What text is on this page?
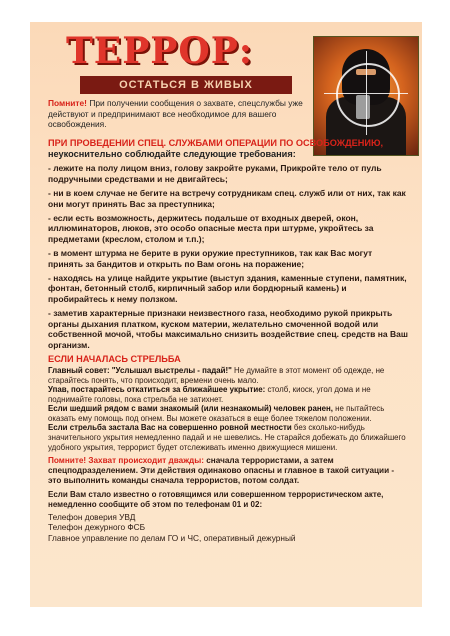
ТЕРРОР:
ОСТАТЬСЯ В ЖИВЫХ

Помните! При получении сообщения о захвате, спецслужбы уже действуют и предпринимают все необходимое для вашего освобождения.

ПРИ ПРОВЕДЕНИИ СПЕЦ. СЛУЖБАМИ ОПЕРАЦИИ ПО ОСВОБОЖДЕНИЮ,

неукоснительно соблюдайте следующие требования:

- лежите на полу лицом вниз, голову закройте руками, Прикройте тело от пуль подручными средствами и не двигайтесь;

- ни в коем случае не бегите на встречу сотрудникам спец. служб или от них, так как они могут принять Вас за преступника;

- если есть возможность, держитесь подальше от входных дверей, окон, иллюминаторов, люков, это особо опасные места при штурме, укройтесь за предметами (креслом, столом и т.п.);

- в момент штурма не берите в руки оружие преступников, так как Вас могут принять за бандитов и открыть по Вам огонь на поражение;

- находясь на улице найдите укрытие (выступ здания, каменные ступени, памятник, фонтан, бетонный столб, кирпичный забор или бордюрный камень) и пробирайтесь к нему ползком.

- заметив характерные признаки неизвестного газа, необходимо рукой прикрыть органы дыхания платком, куском материи, желательно смоченной водой или собственной мочой, чтобы максимально снизить воздействие спец. средств на Ваш организм.

ЕСЛИ НАЧАЛАСЬ СТРЕЛЬБА

Главный совет: "Услышал выстрелы - падай!" Не думайте в этот момент об одежде, не старайтесь понять, что происходит, времени очень мало.

Упав, постарайтесь откатиться за ближайшее укрытие: столб, киоск, угол дома и не поднимайте головы, пока стрельба не затихнет.

Если шедший рядом с вами знакомый (или незнакомый) человек ранен, не пытайтесь оказать ему помощь под огнем. Вы можете оказаться в еще более тяжелом положении.

Если стрельба застала Вас на совершенно ровной местности без сколько-нибудь значительного укрытия немедленно падай и не шевелись. Не старайся добежать до ближайшего удобного укрытия, террорист будет отслеживать именно движущиеся мишени.

Помните! Захват происходит дважды: сначала террористами, а затем спецподразделением. Эти действия одинаково опасны и главное в такой ситуации - это выполнить команды сначала террористов, потом солдат.

Если Вам стало известно о готовящимся или совершенном террористическом акте, немедленно сообщите об этом по телефонам 01 и 02:

Телефон доверия УВД

Телефон дежурного ФСБ

Главное управление по делам ГО и ЧС, оперативный дежурный
